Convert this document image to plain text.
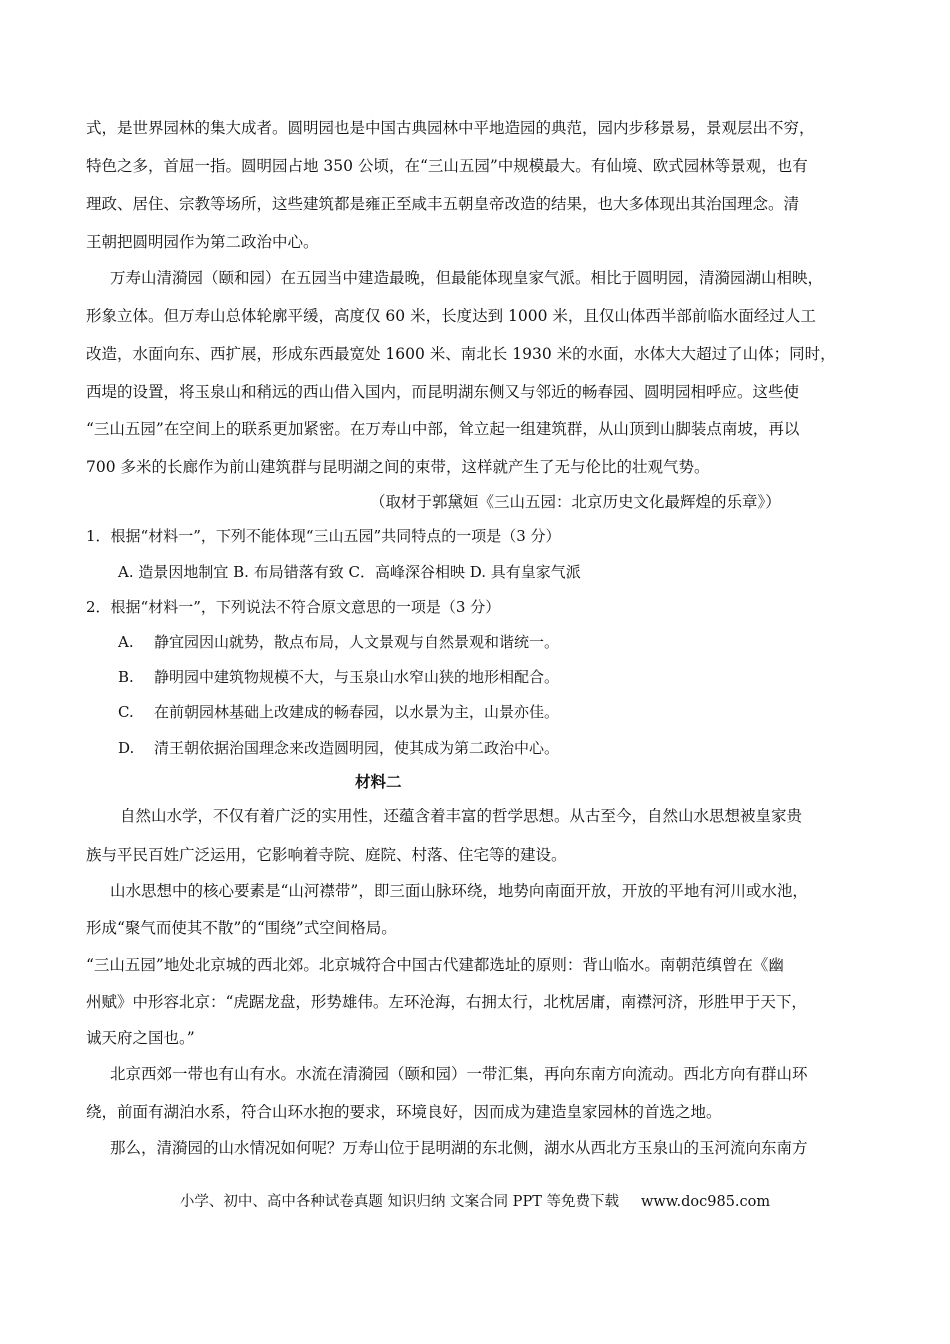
式，是世界园林的集大成者。圆明园也是中国古典园林中平地造园的典范，园内步移景易，景观层出不穷，
特色之多，首屈一指。圆明园占地 350 公顷，在“三山五园”中规模最大。有仙境、欧式园林等景观，也有
理政、居住、宗教等场所，这些建筑都是雍正至咸丰五朝皇帝改造的结果，也大多体现出其治国理念。清
王朝把圆明园作为第二政治中心。
万寿山清漪园（颐和园）在五园当中建造最晚，但最能体现皇家气派。相比于圆明园，清漪园湖山相映，
形象立体。但万寿山总体轮廓平缓，高度仅 60 米，长度达到 1000 米，且仅山体西半部前临水面经过人工
改造，水面向东、西扩展，形成东西最宽处 1600 米、南北长 1930 米的水面，水体大大超过了山体；同时，
西堤的设置，将玉泉山和稍远的西山借入国内，而昆明湖东侧又与邻近的畅春园、圆明园相呼应。这些使
“三山五园”在空间上的联系更加紧密。在万寿山中部，耸立起一组建筑群，从山顶到山脚装点南坡，再以
700 多米的长廊作为前山建筑群与昆明湖之间的束带，这样就产生了无与伦比的壮观气势。
（取材于郭黛姮《三山五园：北京历史文化最辉煌的乐章》）
1．根据“材料一”，下列不能体现“三山五园”共同特点的一项是（3 分）
A. 造景因地制宜 B. 布局错落有致 C．高峰深谷相映 D. 具有皇家气派
2．根据“材料一”，下列说法不符合原文意思的一项是（3 分）
A. 静宜园因山就势，散点布局，人文景观与自然景观和谐统一。
B. 静明园中建筑物规模不大，与玉泉山水窄山狭的地形相配合。
C. 在前朝园林基础上改建成的畅春园，以水景为主，山景亦佳。
D. 清王朝依据治国理念来改造圆明园，使其成为第二政治中心。
材料二
自然山水学，不仅有着广泛的实用性，还蕴含着丰富的哲学思想。从古至今，自然山水思想被皇家贵
族与平民百姓广泛运用，它影响着寺院、庭院、村落、住宅等的建设。
山水思想中的核心要素是“山河襟带”，即三面山脉环绕，地势向南面开放，开放的平地有河川或水池，
形成“聚气而使其不散”的“围绕”式空间格局。
“三山五园”地处北京城的西北郊。北京城符合中国古代建都选址的原则：背山临水。南朝范缜曾在《幽
州赋》中形容北京：“虎踞龙盘，形势雄伟。左环沧海，右拥太行，北枕居庸，南襟河济，形胜甲于天下，
诚天府之国也。”
北京西郊一带也有山有水。水流在清漪园（颐和园）一带汇集，再向东南方向流动。西北方向有群山环
绕，前面有湖泊水系，符合山环水抱的要求，环境良好，因而成为建造皇家园林的首选之地。
那么，清漪园的山水情况如何呢？万寿山位于昆明湖的东北侧，湖水从西北方玉泉山的玉河流向东南方
小学、初中、高中各种试卷真题 知识归纳 文案合同 PPT 等免费下载 www.doc985.com
